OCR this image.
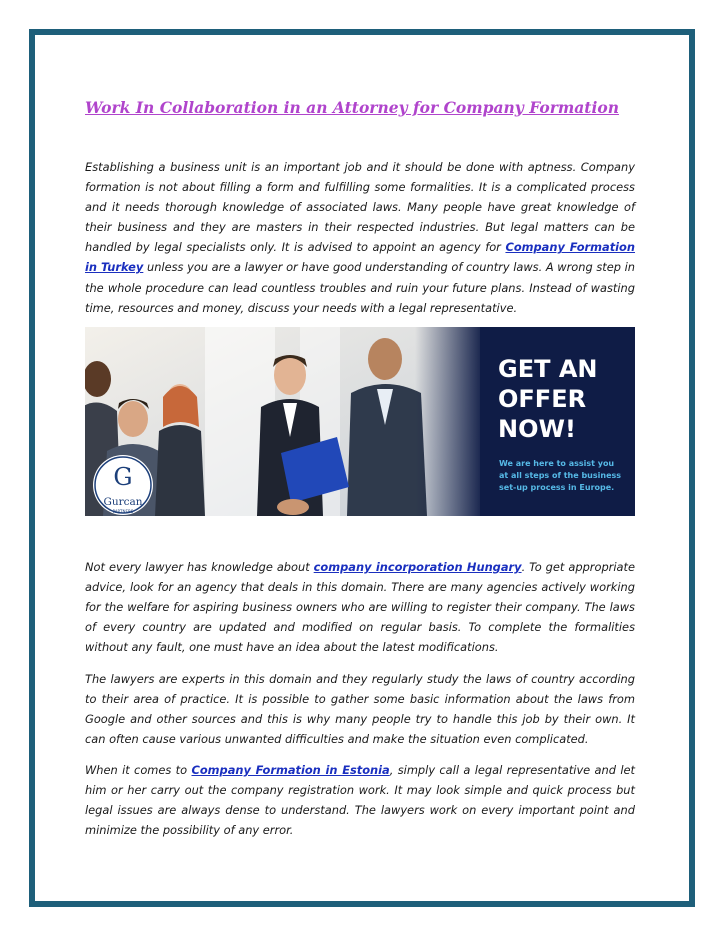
Work In Collaboration in an Attorney for Company Formation

Establishing a business unit is an important job and it should be done with aptness. Company formation is not about filling a form and fulfilling some formalities. It is a complicated process and it needs thorough knowledge of associated laws. Many people have great knowledge of their business and they are masters in their respected industries. But legal matters can be handled by legal specialists only. It is advised to appoint an agency for Company Formation in Turkey unless you are a lawyer or have good understanding of country laws. A wrong step in the whole procedure can lead countless troubles and ruin your future plans. Instead of wasting time, resources and money, discuss your needs with a legal representative.

G
Gurcan
PARTNERS
GET AN
OFFER
NOW!
We are here to assist you
at all steps of the business
set-up process in Europe.

Not every lawyer has knowledge about company incorporation Hungary. To get appropriate advice, look for an agency that deals in this domain. There are many agencies actively working for the welfare for aspiring business owners who are willing to register their company. The laws of every country are updated and modified on regular basis. To complete the formalities without any fault, one must have an idea about the latest modifications.

The lawyers are experts in this domain and they regularly study the laws of country according to their area of practice. It is possible to gather some basic information about the laws from Google and other sources and this is why many people try to handle this job by their own. It can often cause various unwanted difficulties and make the situation even complicated.

When it comes to Company Formation in Estonia, simply call a legal representative and let him or her carry out the company registration work. It may look simple and quick process but legal issues are always dense to understand. The lawyers work on every important point and minimize the possibility of any error.
